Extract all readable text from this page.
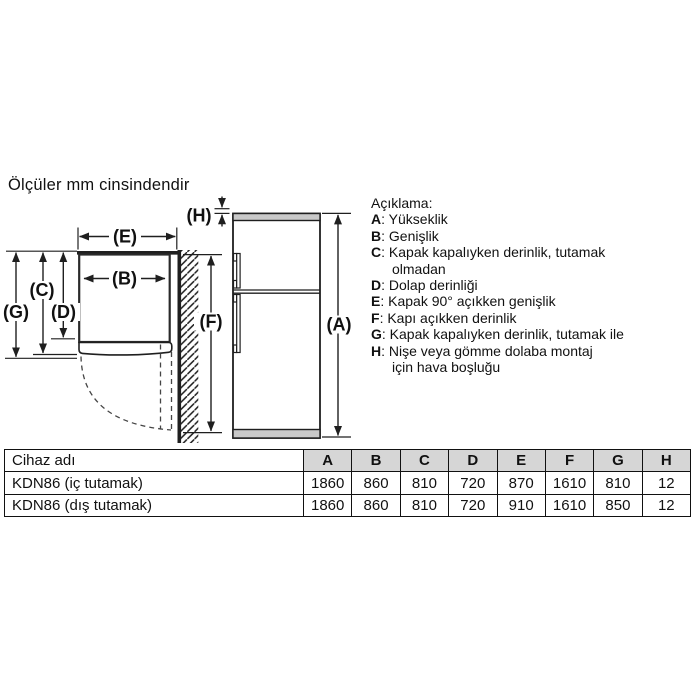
Ölçüler mm cinsindendir
(E)
(B)
(C)
(G) (D)	(F)	(A)
(H)
Açıklama:
A: Yükseklik
B: Genişlik
C: Kapak kapalıyken derinlik, tutamak
olmadan
D: Dolap derinliği
E: Kapak 90° açıkken genişlik
F: Kapı açıkken derinlik
G: Kapak kapalıyken derinlik, tutamak ile
H: Nişe veya gömme dolaba montaj
için hava boşluğu
Cihaz adı	A	B	C	D	E	F	G	H
KDN86 (iç tutamak)	1860	860	810	720	870	1610	810	12
KDN86 (dış tutamak)	1860	860	810	720	910	1610	850	12
